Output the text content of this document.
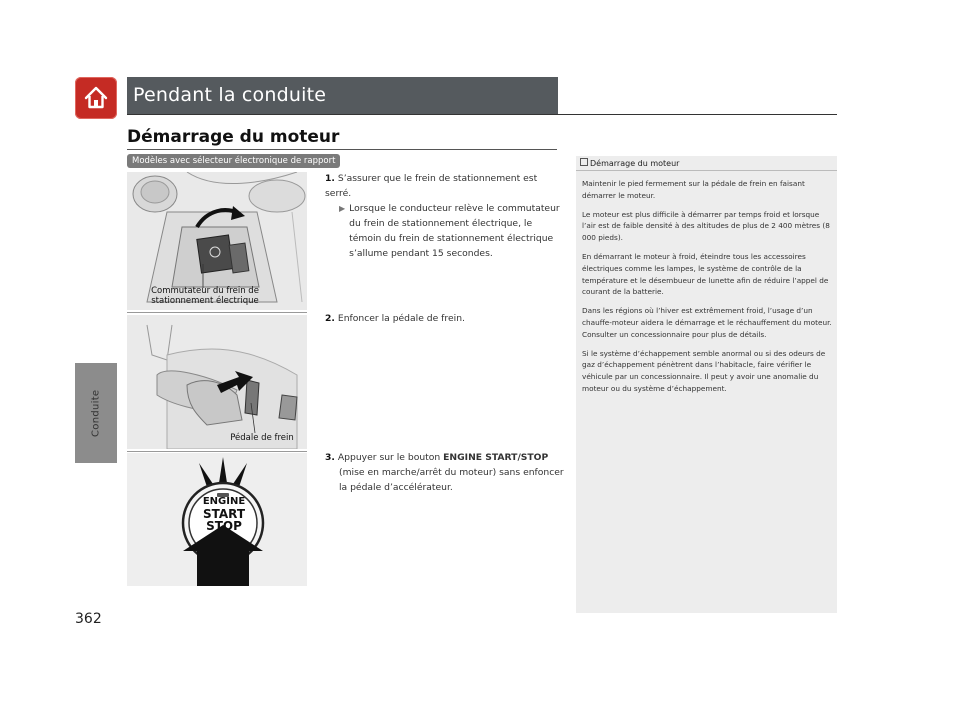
Conduite
Pendant la conduite
Démarrage du moteur
Modèles avec sélecteur électronique de rapport
Commutateur du frein de
stationnement électrique
Pédale de frein
ENGINE
START
STOP
1. S’assurer que le frein de stationnement est serré.
▶ Lorsque le conducteur relève le commutateur
du frein de stationnement électrique, le
témoin du frein de stationnement électrique
s’allume pendant 15 secondes.
2. Enfoncer la pédale de frein.
3. Appuyer sur le bouton ENGINE START/STOP
(mise en marche/arrêt du moteur) sans enfoncer
la pédale d’accélérateur.
Démarrage du moteur

Maintenir le pied fermement sur la pédale de frein en faisant démarrer le moteur.

Le moteur est plus difficile à démarrer par temps froid et lorsque l’air est de faible densité à des altitudes de plus de 2 400 mètres (8 000 pieds).

En démarrant le moteur à froid, éteindre tous les accessoires électriques comme les lampes, le système de contrôle de la température et le désembueur de lunette afin de réduire l’appel de courant de la batterie.

Dans les régions où l’hiver est extrêmement froid, l’usage d’un chauffe-moteur aidera le démarrage et le réchauffement du moteur. Consulter un concessionnaire pour plus de détails.

Si le système d’échappement semble anormal ou si des odeurs de gaz d’échappement pénètrent dans l’habitacle, faire vérifier le véhicule par un concessionnaire. Il peut y avoir une anomalie du moteur ou du système d’échappement.

362
